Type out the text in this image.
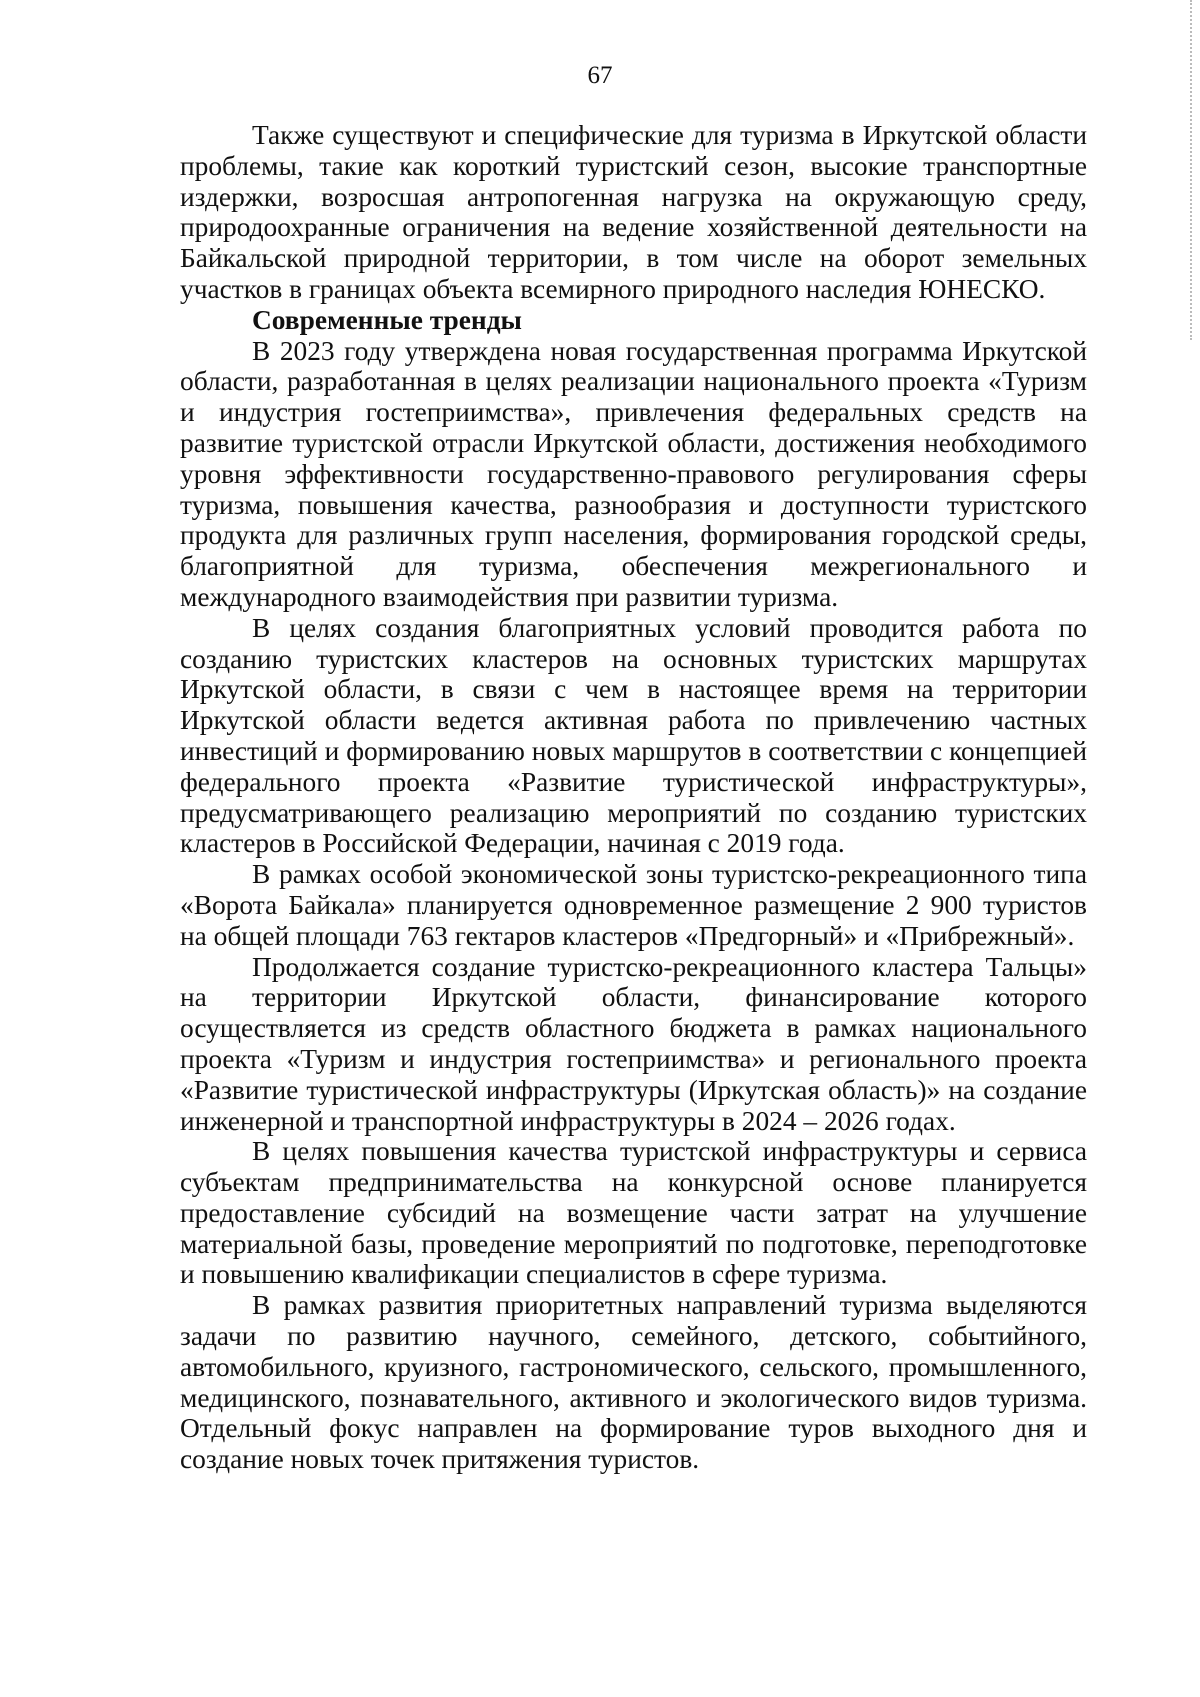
67

Также существуют и специфические для туризма в Иркутской области проблемы, такие как короткий туристский сезон, высокие транспортные издержки, возросшая антропогенная нагрузка на окружающую среду, природоохранные ограничения на ведение хозяйственной деятельности на Байкальской природной территории, в том числе на оборот земельных участков в границах объекта всемирного природного наследия ЮНЕСКО.

Современные тренды

В 2023 году утверждена новая государственная программа Иркутской области, разработанная в целях реализации национального проекта «Туризм и индустрия гостеприимства», привлечения федеральных средств на развитие туристской отрасли Иркутской области, достижения необходимого уровня эффективности государственно-правового регулирования сферы туризма, повышения качества, разнообразия и доступности туристского продукта для различных групп населения, формирования городской среды, благоприятной для туризма, обеспечения межрегионального и международного взаимодействия при развитии туризма.

В целях создания благоприятных условий проводится работа по созданию туристских кластеров на основных туристских маршрутах Иркутской области, в связи с чем в настоящее время на территории Иркутской области ведется активная работа по привлечению частных инвестиций и формированию новых маршрутов в соответствии с концепцией федерального проекта «Развитие туристической инфраструктуры», предусматривающего реализацию мероприятий по созданию туристских кластеров в Российской Федерации, начиная с 2019 года.

В рамках особой экономической зоны туристско-рекреационного типа «Ворота Байкала» планируется одновременное размещение 2 900 туристов на общей площади 763 гектаров кластеров «Предгорный» и «Прибрежный».

Продолжается создание туристско-рекреационного кластера Тальцы» на территории Иркутской области, финансирование которого осуществляется из средств областного бюджета в рамках национального проекта «Туризм и индустрия гостеприимства» и регионального проекта «Развитие туристической инфраструктуры (Иркутская область)» на создание инженерной и транспортной инфраструктуры в 2024 – 2026 годах.

В целях повышения качества туристской инфраструктуры и сервиса субъектам предпринимательства на конкурсной основе планируется предоставление субсидий на возмещение части затрат на улучшение материальной базы, проведение мероприятий по подготовке, переподготовке и повышению квалификации специалистов в сфере туризма.

В рамках развития приоритетных направлений туризма выделяются задачи по развитию научного, семейного, детского, событийного, автомобильного, круизного, гастрономического, сельского, промышленного, медицинского, познавательного, активного и экологического видов туризма. Отдельный фокус направлен на формирование туров выходного дня и создание новых точек притяжения туристов.
